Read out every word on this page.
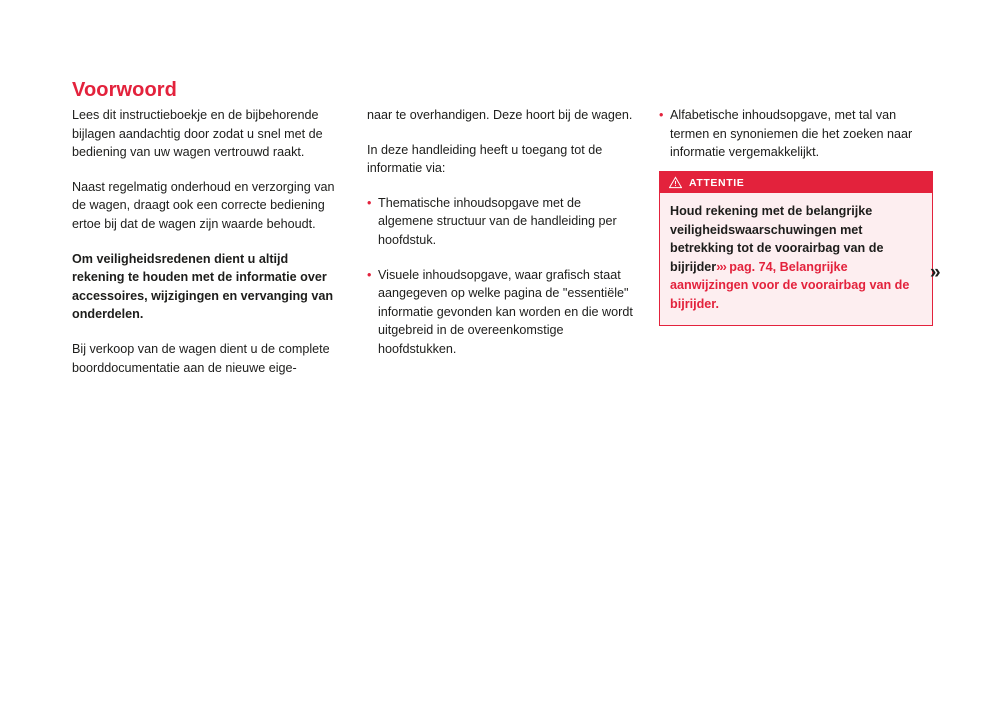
Voorwoord

Lees dit instructieboekje en de bijbehorende bijlagen aandachtig door zodat u snel met de bediening van uw wagen vertrouwd raakt.

Naast regelmatig onderhoud en verzorging van de wagen, draagt ook een correcte bediening ertoe bij dat de wagen zijn waarde behoudt.

Om veiligheidsredenen dient u altijd rekening te houden met de informatie over accessoires, wijzigingen en vervanging van onderdelen.

Bij verkoop van de wagen dient u de complete boorddocumentatie aan de nieuwe eige-

naar te overhandigen. Deze hoort bij de wagen.

In deze handleiding heeft u toegang tot de informatie via:

• Thematische inhoudsopgave met de algemene structuur van de handleiding per hoofdstuk.

• Visuele inhoudsopgave, waar grafisch staat aangegeven op welke pagina de "essentiële" informatie gevonden kan worden en die wordt uitgebreid in de overeenkomstige hoofdstukken.

• Alfabetische inhoudsopgave, met tal van termen en synoniemen die het zoeken naar informatie vergemakkelijkt.

ATTENTIE
Houd rekening met de belangrijke veiligheidswaarschuwingen met betrekking tot de voorairbag van de bijrijder››› pag. 74, Belangrijke aanwijzingen voor de voorairbag van de bijrijder.
»
